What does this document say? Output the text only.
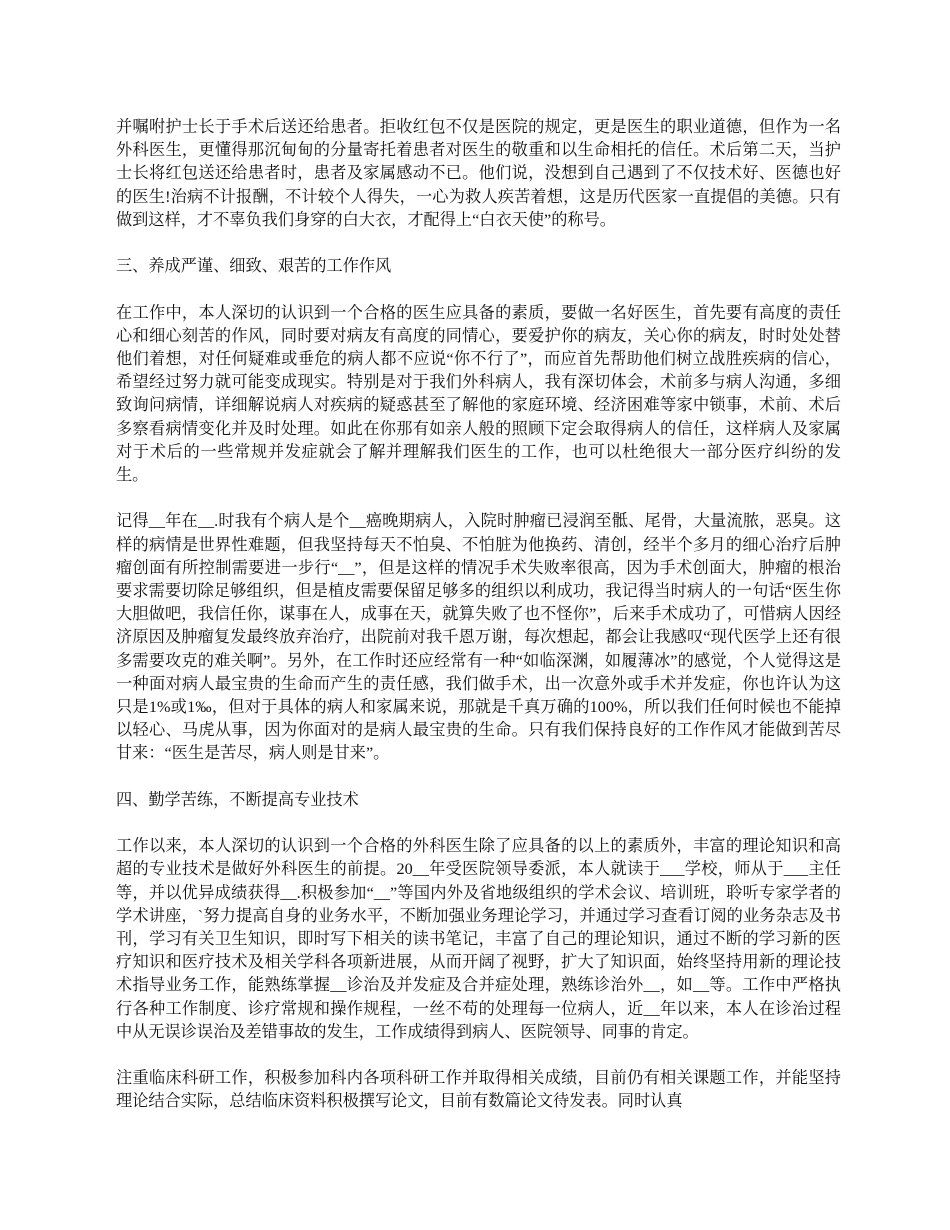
并嘱咐护士长于手术后送还给患者。拒收红包不仅是医院的规定，更是医生的职业道德，但作为一名外科医生，更懂得那沉甸甸的分量寄托着患者对医生的敬重和以生命相托的信任。术后第二天，当护士长将红包送还给患者时，患者及家属感动不已。他们说，没想到自己遇到了不仅技术好、医德也好的医生!治病不计报酬，不计较个人得失，一心为救人疾苦着想，这是历代医家一直提倡的美德。只有做到这样，才不辜负我们身穿的白大衣，才配得上“白衣天使”的称号。

三、养成严谨、细致、艰苦的工作作风

在工作中，本人深切的认识到一个合格的医生应具备的素质，要做一名好医生，首先要有高度的责任心和细心刻苦的作风，同时要对病友有高度的同情心，要爱护你的病友，关心你的病友，时时处处替他们着想，对任何疑难或垂危的病人都不应说“你不行了”，而应首先帮助他们树立战胜疾病的信心，希望经过努力就可能变成现实。特别是对于我们外科病人，我有深切体会，术前多与病人沟通，多细致询问病情，详细解说病人对疾病的疑惑甚至了解他的家庭环境、经济困难等家中锁事，术前、术后多察看病情变化并及时处理。如此在你那有如亲人般的照顾下定会取得病人的信任，这样病人及家属对于术后的一些常规并发症就会了解并理解我们医生的工作，也可以杜绝很大一部分医疗纠纷的发生。

记得__年在__.时我有个病人是个__癌晚期病人，入院时肿瘤已浸润至骶、尾骨，大量流脓，恶臭。这样的病情是世界性难题，但我坚持每天不怕臭、不怕脏为他换药、清创，经半个多月的细心治疗后肿瘤创面有所控制需要进一步行“__”，但是这样的情况手术失败率很高，因为手术创面大，肿瘤的根治要求需要切除足够组织，但是植皮需要保留足够多的组织以利成功，我记得当时病人的一句话“医生你大胆做吧，我信任你，谋事在人，成事在天，就算失败了也不怪你”，后来手术成功了，可惜病人因经济原因及肿瘤复发最终放弃治疗，出院前对我千恩万谢，每次想起，都会让我感叹“现代医学上还有很多需要攻克的难关啊”。另外，在工作时还应经常有一种“如临深渊，如履薄冰”的感觉，个人觉得这是一种面对病人最宝贵的生命而产生的责任感，我们做手术，出一次意外或手术并发症，你也许认为这只是1%或1‰，但对于具体的病人和家属来说，那就是千真万确的100%，所以我们任何时候也不能掉以轻心、马虎从事，因为你面对的是病人最宝贵的生命。只有我们保持良好的工作作风才能做到苦尽甘来：“医生是苦尽，病人则是甘来”。

四、勤学苦练，不断提高专业技术

工作以来，本人深切的认识到一个合格的外科医生除了应具备的以上的素质外，丰富的理论知识和高超的专业技术是做好外科医生的前提。20__年受医院领导委派，本人就读于___学校，师从于___主任等，并以优异成绩获得__.积极参加“__”等国内外及省地级组织的学术会议、培训班，聆听专家学者的学术讲座，`努力提高自身的业务水平，不断加强业务理论学习，并通过学习查看订阅的业务杂志及书刊，学习有关卫生知识，即时写下相关的读书笔记，丰富了自己的理论知识，通过不断的学习新的医疗知识和医疗技术及相关学科各项新进展，从而开阔了视野，扩大了知识面，始终坚持用新的理论技术指导业务工作，能熟练掌握__诊治及并发症及合并症处理，熟练诊治外__，如__等。工作中严格执行各种工作制度、诊疗常规和操作规程，一丝不苟的处理每一位病人，近__年以来，本人在诊治过程中从无误诊误治及差错事故的发生，工作成绩得到病人、医院领导、同事的肯定。

注重临床科研工作，积极参加科内各项科研工作并取得相关成绩，目前仍有相关课题工作，并能坚持理论结合实际，总结临床资料积极撰写论文，目前有数篇论文待发表。同时认真
